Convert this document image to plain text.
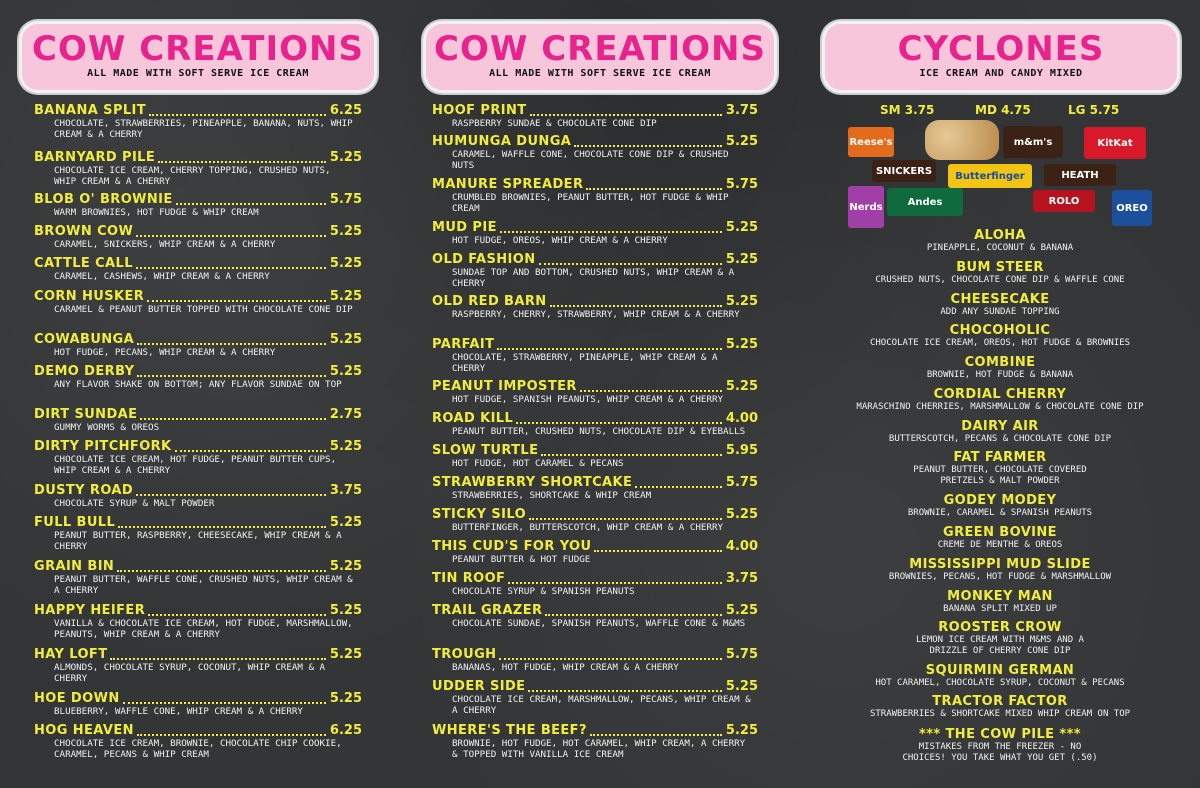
COW CREATIONS
ALL MADE WITH SOFT SERVE ICE CREAM
BANANA SPLIT	6.25
CHOCOLATE, STRAWBERRIES, PINEAPPLE, BANANA, NUTS, WHIP CREAM & A CHERRY
BARNYARD PILE	5.25
CHOCOLATE ICE CREAM, CHERRY TOPPING, CRUSHED NUTS, WHIP CREAM & A CHERRY
BLOB O' BROWNIE	5.75
WARM BROWNIES, HOT FUDGE & WHIP CREAM
BROWN COW	5.25
CARAMEL, SNICKERS, WHIP CREAM & A CHERRY
CATTLE CALL	5.25
CARAMEL, CASHEWS, WHIP CREAM & A CHERRY
CORN HUSKER	5.25
CARAMEL & PEANUT BUTTER TOPPED WITH CHOCOLATE CONE DIP
COWABUNGA	5.25
HOT FUDGE, PECANS, WHIP CREAM & A CHERRY
DEMO DERBY	5.25
ANY FLAVOR SHAKE ON BOTTOM; ANY FLAVOR SUNDAE ON TOP
DIRT SUNDAE	2.75
GUMMY WORMS & OREOS
DIRTY PITCHFORK	5.25
CHOCOLATE ICE CREAM, HOT FUDGE, PEANUT BUTTER CUPS, WHIP CREAM & A CHERRY
DUSTY ROAD	3.75
CHOCOLATE SYRUP & MALT POWDER
FULL BULL	5.25
PEANUT BUTTER, RASPBERRY, CHEESECAKE, WHIP CREAM & A CHERRY
GRAIN BIN	5.25
PEANUT BUTTER, WAFFLE CONE, CRUSHED NUTS, WHIP CREAM & A CHERRY
HAPPY HEIFER	5.25
VANILLA & CHOCOLATE ICE CREAM, HOT FUDGE, MARSHMALLOW, PEANUTS, WHIP CREAM & A CHERRY
HAY LOFT	5.25
ALMONDS, CHOCOLATE SYRUP, COCONUT, WHIP CREAM & A CHERRY
HOE DOWN	5.25
BLUEBERRY, WAFFLE CONE, WHIP CREAM & A CHERRY
HOG HEAVEN	6.25
CHOCOLATE ICE CREAM, BROWNIE, CHOCOLATE CHIP COOKIE, CARAMEL, PECANS & WHIP CREAM
COW CREATIONS
ALL MADE WITH SOFT SERVE ICE CREAM
HOOF PRINT	3.75
RASPBERRY SUNDAE & CHOCOLATE CONE DIP
HUMUNGA DUNGA	5.25
CARAMEL, WAFFLE CONE, CHOCOLATE CONE DIP & CRUSHED NUTS
MANURE SPREADER	5.75
CRUMBLED BROWNIES, PEANUT BUTTER, HOT FUDGE & WHIP CREAM
MUD PIE	5.25
HOT FUDGE, OREOS, WHIP CREAM & A CHERRY
OLD FASHION	5.25
SUNDAE TOP AND BOTTOM, CRUSHED NUTS, WHIP CREAM & A CHERRY
OLD RED BARN	5.25
RASPBERRY, CHERRY, STRAWBERRY, WHIP CREAM & A CHERRY
PARFAIT	5.25
CHOCOLATE, STRAWBERRY, PINEAPPLE, WHIP CREAM & A CHERRY
PEANUT IMPOSTER	5.25
HOT FUDGE, SPANISH PEANUTS, WHIP CREAM & A CHERRY
ROAD KILL	4.00
PEANUT BUTTER, CRUSHED NUTS, CHOCOLATE DIP & EYEBALLS
SLOW TURTLE	5.95
HOT FUDGE, HOT CARAMEL & PECANS
STRAWBERRY SHORTCAKE	5.75
STRAWBERRIES, SHORTCAKE & WHIP CREAM
STICKY SILO	5.25
BUTTERFINGER, BUTTERSCOTCH, WHIP CREAM & A CHERRY
THIS CUD'S FOR YOU	4.00
PEANUT BUTTER & HOT FUDGE
TIN ROOF	3.75
CHOCOLATE SYRUP & SPANISH PEANUTS
TRAIL GRAZER	5.25
CHOCOLATE SUNDAE, SPANISH PEANUTS, WAFFLE CONE & M&MS
TROUGH	5.75
BANANAS, HOT FUDGE, WHIP CREAM & A CHERRY
UDDER SIDE	5.25
CHOCOLATE ICE CREAM, MARSHMALLOW, PECANS, WHIP CREAM & A CHERRY
WHERE'S THE BEEF?	5.25
BROWNIE, HOT FUDGE, HOT CARAMEL, WHIP CREAM, A CHERRY & TOPPED WITH VANILLA ICE CREAM
CYCLONES
ICE CREAM AND CANDY MIXED
SM 3.75	MD 4.75	LG 5.75
Reese's	m&m's	KitKat
SNICKERS	Butterfinger	HEATH
Nerds	Andes	ROLO
OREO
ALOHA
PINEAPPLE, COCONUT & BANANA
BUM STEER
CRUSHED NUTS, CHOCOLATE CONE DIP & WAFFLE CONE
CHEESECAKE
ADD ANY SUNDAE TOPPING
CHOCOHOLIC
CHOCOLATE ICE CREAM, OREOS, HOT FUDGE & BROWNIES
COMBINE
BROWNIE, HOT FUDGE & BANANA
CORDIAL CHERRY
MARASCHINO CHERRIES, MARSHMALLOW & CHOCOLATE CONE DIP
DAIRY AIR
BUTTERSCOTCH, PECANS & CHOCOLATE CONE DIP
FAT FARMER
PEANUT BUTTER, CHOCOLATE COVERED PRETZELS & MALT POWDER
GODEY MODEY
BROWNIE, CARAMEL & SPANISH PEANUTS
GREEN BOVINE
CREME DE MENTHE & OREOS
MISSISSIPPI MUD SLIDE
BROWNIES, PECANS, HOT FUDGE & MARSHMALLOW
MONKEY MAN
BANANA SPLIT MIXED UP
ROOSTER CROW
LEMON ICE CREAM WITH M&MS AND A DRIZZLE OF CHERRY CONE DIP
SQUIRMIN GERMAN
HOT CARAMEL, CHOCOLATE SYRUP, COCONUT & PECANS
TRACTOR FACTOR
STRAWBERRIES & SHORTCAKE MIXED WHIP CREAM ON TOP
*** THE COW PILE ***
MISTAKES FROM THE FREEZER - NO CHOICES! YOU TAKE WHAT YOU GET (.50)
